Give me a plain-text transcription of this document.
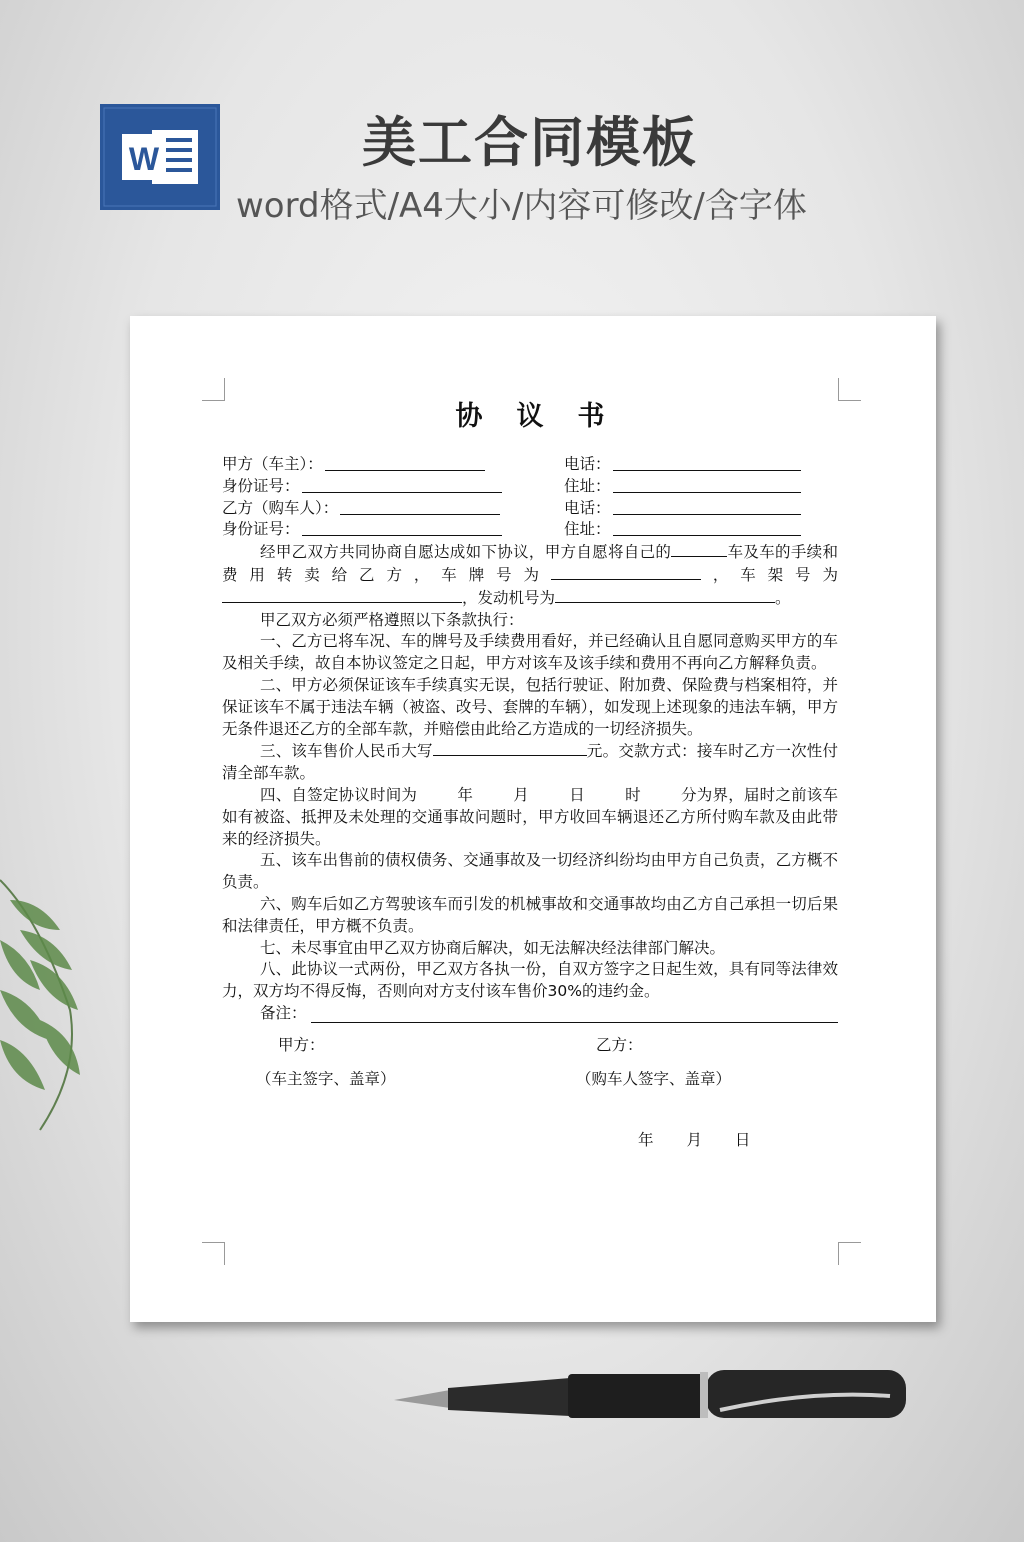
W	美工合同模板
word格式/A4大小/内容可修改/含字体
协议书
甲方（车主）：	电话：
身份证号：	住址：
乙方（购车人）：	电话：
身份证号：	住址：

经甲乙双方共同协商自愿达成如下协议，甲方自愿将自己的	车及车的手续和费用转卖给乙方，车牌号为	，车架号为，发动机号为	。

甲乙双方必须严格遵照以下条款执行：

一、乙方已将车况、车的牌号及手续费用看好，并已经确认且自愿同意购买甲方的车及相关手续，故自本协议签定之日起，甲方对该车及该手续和费用不再向乙方解释负责。

二、甲方必须保证该车手续真实无误，包括行驶证、附加费、保险费与档案相符，并保证该车不属于违法车辆（被盗、改号、套牌的车辆），如发现上述现象的违法车辆，甲方无条件退还乙方的全部车款，并赔偿由此给乙方造成的一切经济损失。

三、该车售价人民币大写	元。交款方式：接车时乙方一次性付清全部车款。

四、自签定协议时间为	年	月	日	时	分为界，届时之前该车如有被盗、抵押及未处理的交通事故问题时，甲方收回车辆退还乙方所付购车款及由此带来的经济损失。

五、该车出售前的债权债务、交通事故及一切经济纠纷均由甲方自己负责，乙方概不负责。

六、购车后如乙方驾驶该车而引发的机械事故和交通事故均由乙方自己承担一切后果和法律责任，甲方概不负责。

七、未尽事宜由甲乙双方协商后解决，如无法解决经法律部门解决。

八、此协议一式两份，甲乙双方各执一份，自双方签字之日起生效，具有同等法律效力，双方均不得反悔，否则向对方支付该车售价30%的违约金。

备注：
甲方：	乙方：
（车主签字、盖章）	（购车人签字、盖章）
年 月 日
